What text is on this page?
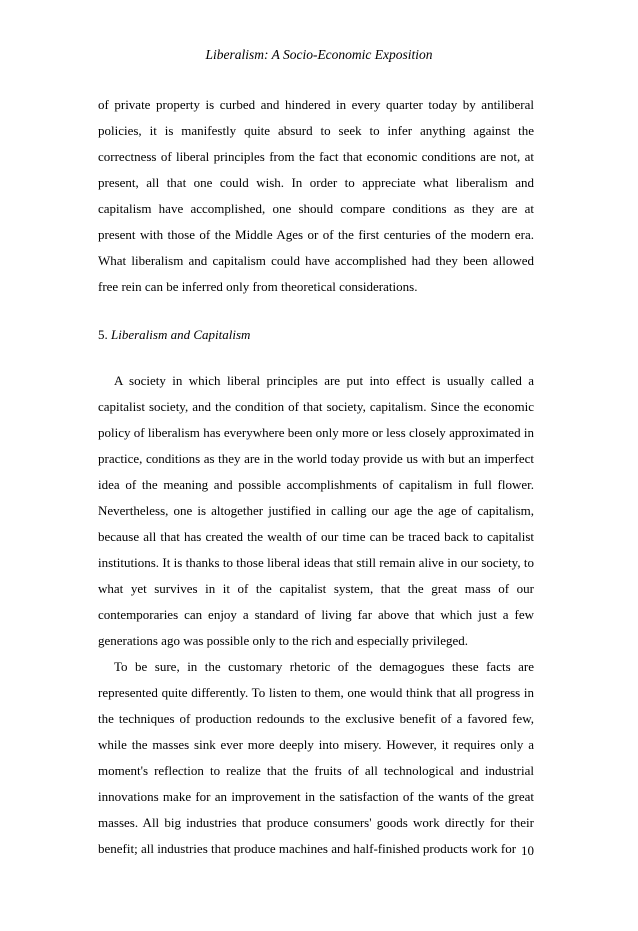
Liberalism: A Socio-Economic Exposition

of private property is curbed and hindered in every quarter today by antiliberal policies, it is manifestly quite absurd to seek to infer anything against the correctness of liberal principles from the fact that economic conditions are not, at present, all that one could wish. In order to appreciate what liberalism and capitalism have accomplished, one should compare conditions as they are at present with those of the Middle Ages or of the first centuries of the modern era. What liberalism and capitalism could have accomplished had they been allowed free rein can be inferred only from theoretical considerations.

5. Liberalism and Capitalism

A society in which liberal principles are put into effect is usually called a capitalist society, and the condition of that society, capitalism. Since the economic policy of liberalism has everywhere been only more or less closely approximated in practice, conditions as they are in the world today provide us with but an imperfect idea of the meaning and possible accomplishments of capitalism in full flower. Nevertheless, one is altogether justified in calling our age the age of capitalism, because all that has created the wealth of our time can be traced back to capitalist institutions. It is thanks to those liberal ideas that still remain alive in our society, to what yet survives in it of the capitalist system, that the great mass of our contemporaries can enjoy a standard of living far above that which just a few generations ago was possible only to the rich and especially privileged.

To be sure, in the customary rhetoric of the demagogues these facts are represented quite differently. To listen to them, one would think that all progress in the techniques of production redounds to the exclusive benefit of a favored few, while the masses sink ever more deeply into misery. However, it requires only a moment's reflection to realize that the fruits of all technological and industrial innovations make for an improvement in the satisfaction of the wants of the great masses. All big industries that produce consumers' goods work directly for their benefit; all industries that produce machines and half-finished products work for 10
